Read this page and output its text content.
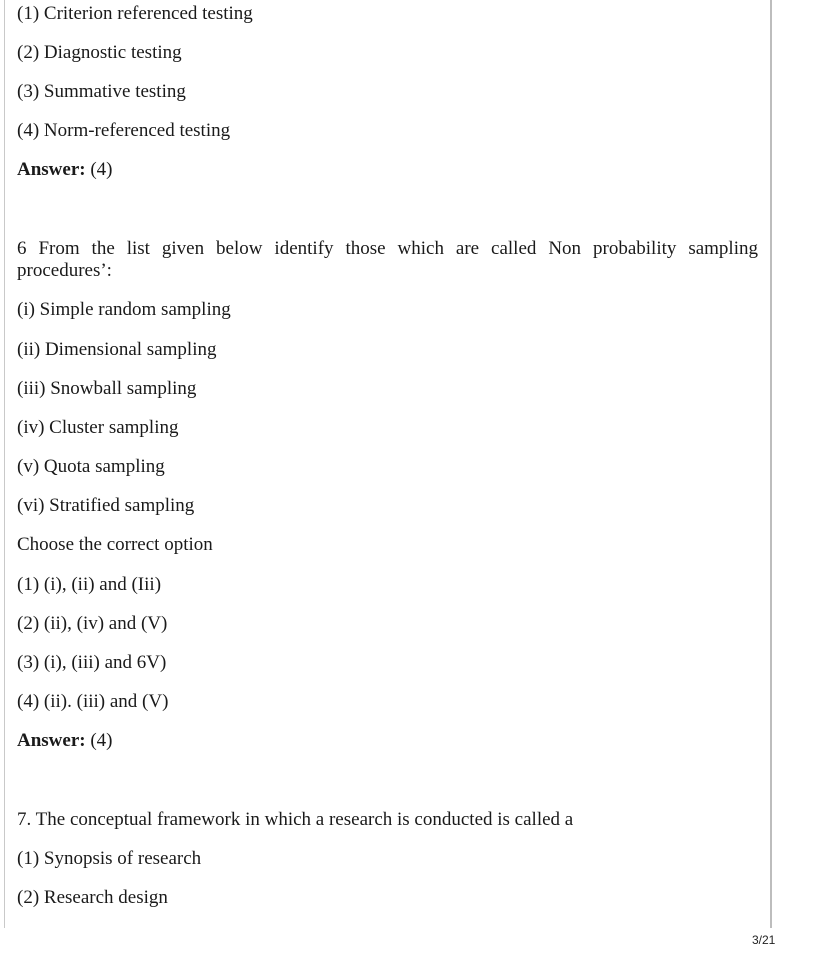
(1) Criterion referenced testing
(2) Diagnostic testing
(3) Summative testing
(4) Norm-referenced testing
Answer: (4)
6 From the list given below identify those which are called Non probability sampling procedures’:
(i) Simple random sampling
(ii) Dimensional sampling
(iii) Snowball sampling
(iv) Cluster sampling
(v) Quota sampling
(vi) Stratified sampling
Choose the correct option
(1) (i), (ii) and (Iii)
(2) (ii), (iv) and (V)
(3) (i), (iii) and 6V)
(4) (ii). (iii) and (V)
Answer: (4)
7. The conceptual framework in which a research is conducted is called a
(1) Synopsis of research
(2) Research design
3/21
